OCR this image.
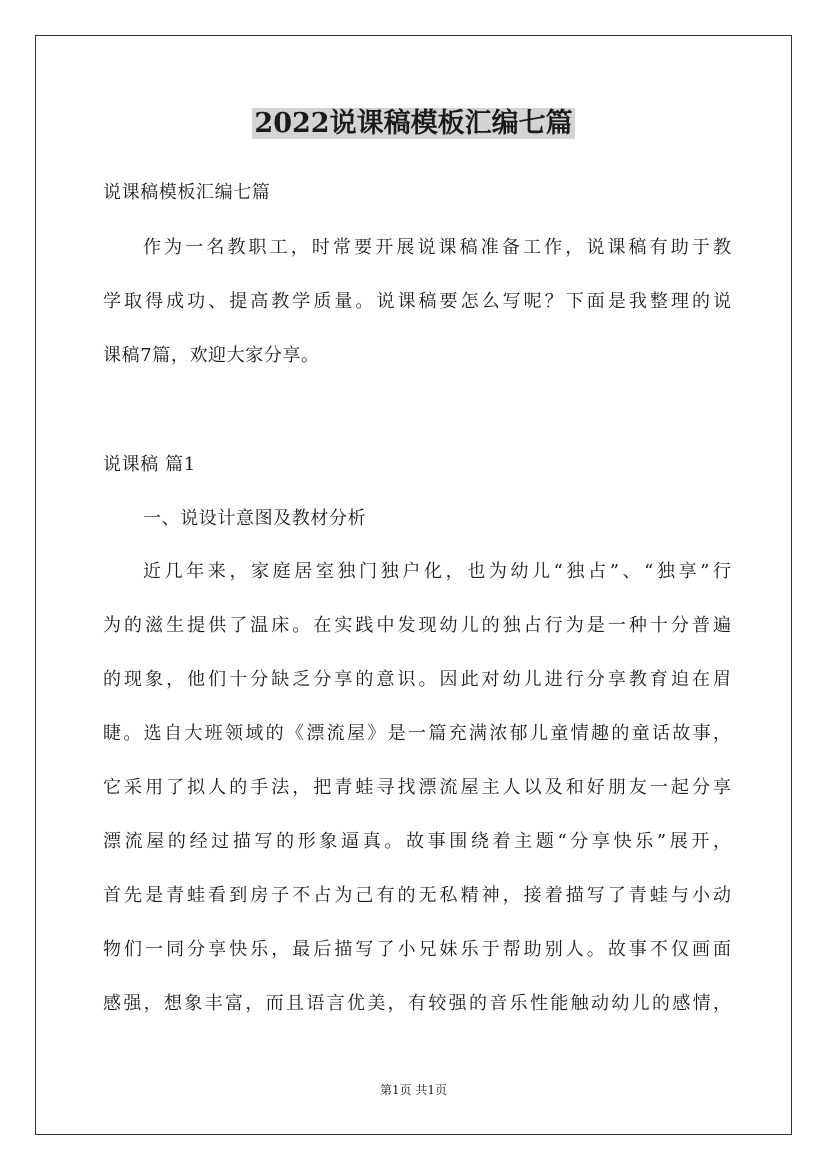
2022说课稿模板汇编七篇
说课稿模板汇编七篇
作为一名教职工，时常要开展说课稿准备工作，说课稿有助于教
学取得成功、提高教学质量。说课稿要怎么写呢？下面是我整理的说
课稿7篇，欢迎大家分享。
说课稿 篇1
一、说设计意图及教材分析
近几年来，家庭居室独门独户化，也为幼儿“独占”、“独享”行
为的滋生提供了温床。在实践中发现幼儿的独占行为是一种十分普遍
的现象，他们十分缺乏分享的意识。因此对幼儿进行分享教育迫在眉
睫。选自大班领域的《漂流屋》是一篇充满浓郁儿童情趣的童话故事，
它采用了拟人的手法，把青蛙寻找漂流屋主人以及和好朋友一起分享
漂流屋的经过描写的形象逼真。故事围绕着主题“分享快乐”展开，
首先是青蛙看到房子不占为己有的无私精神，接着描写了青蛙与小动
物们一同分享快乐，最后描写了小兄妹乐于帮助别人。故事不仅画面
感强，想象丰富，而且语言优美，有较强的音乐性能触动幼儿的感情，
第1页 共1页
